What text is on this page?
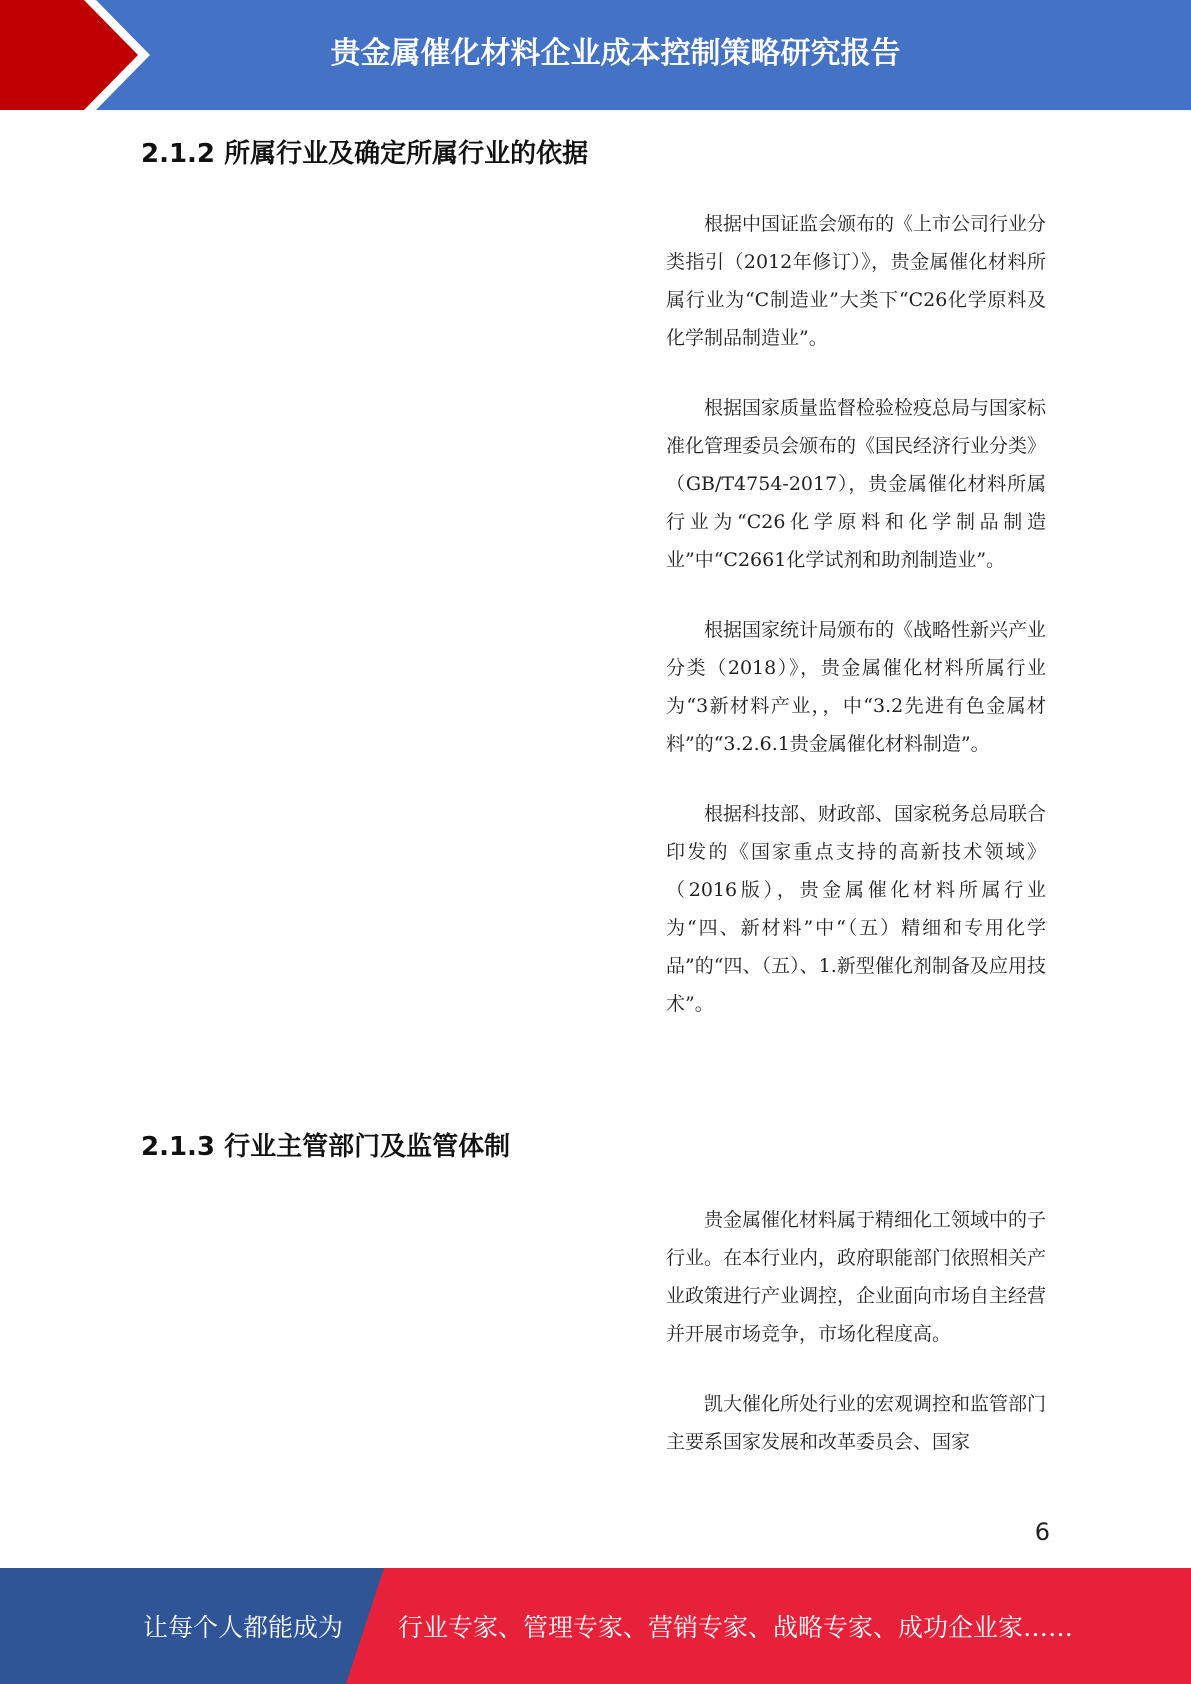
贵金属催化材料企业成本控制策略研究报告
2.1.2 所属行业及确定所属行业的依据

根据中国证监会颁布的《上市公司行业分类指引（2012年修订）》，贵金属催化材料所属行业为“C制造业”大类下“C26化学原料及化学制品制造业”。

根据国家质量监督检验检疫总局与国家标准化管理委员会颁布的《国民经济行业分类》（GB/T4754-2017），贵金属催化材料所属行业为“C26化学原料和化学制品制造业”中“C2661化学试剂和助剂制造业”。

根据国家统计局颁布的《战略性新兴产业分类（2018）》，贵金属催化材料所属行业为“3新材料产业，，中“3.2先进有色金属材料”的“3.2.6.1贵金属催化材料制造”。

根据科技部、财政部、国家税务总局联合印发的《国家重点支持的高新技术领域》（2016版），贵金属催化材料所属行业为“四、新材料”中“（五）精细和专用化学品”的“四、（五）、1.新型催化剂制备及应用技术”。

2.1.3 行业主管部门及监管体制

贵金属催化材料属于精细化工领域中的子行业。在本行业内，政府职能部门依照相关产业政策进行产业调控，企业面向市场自主经营并开展市场竞争，市场化程度高。

凯大催化所处行业的宏观调控和监管部门主要系国家发展和改革委员会、国家

6
让每个人都能成为 行业专家、管理专家、营销专家、战略专家、成功企业家……
